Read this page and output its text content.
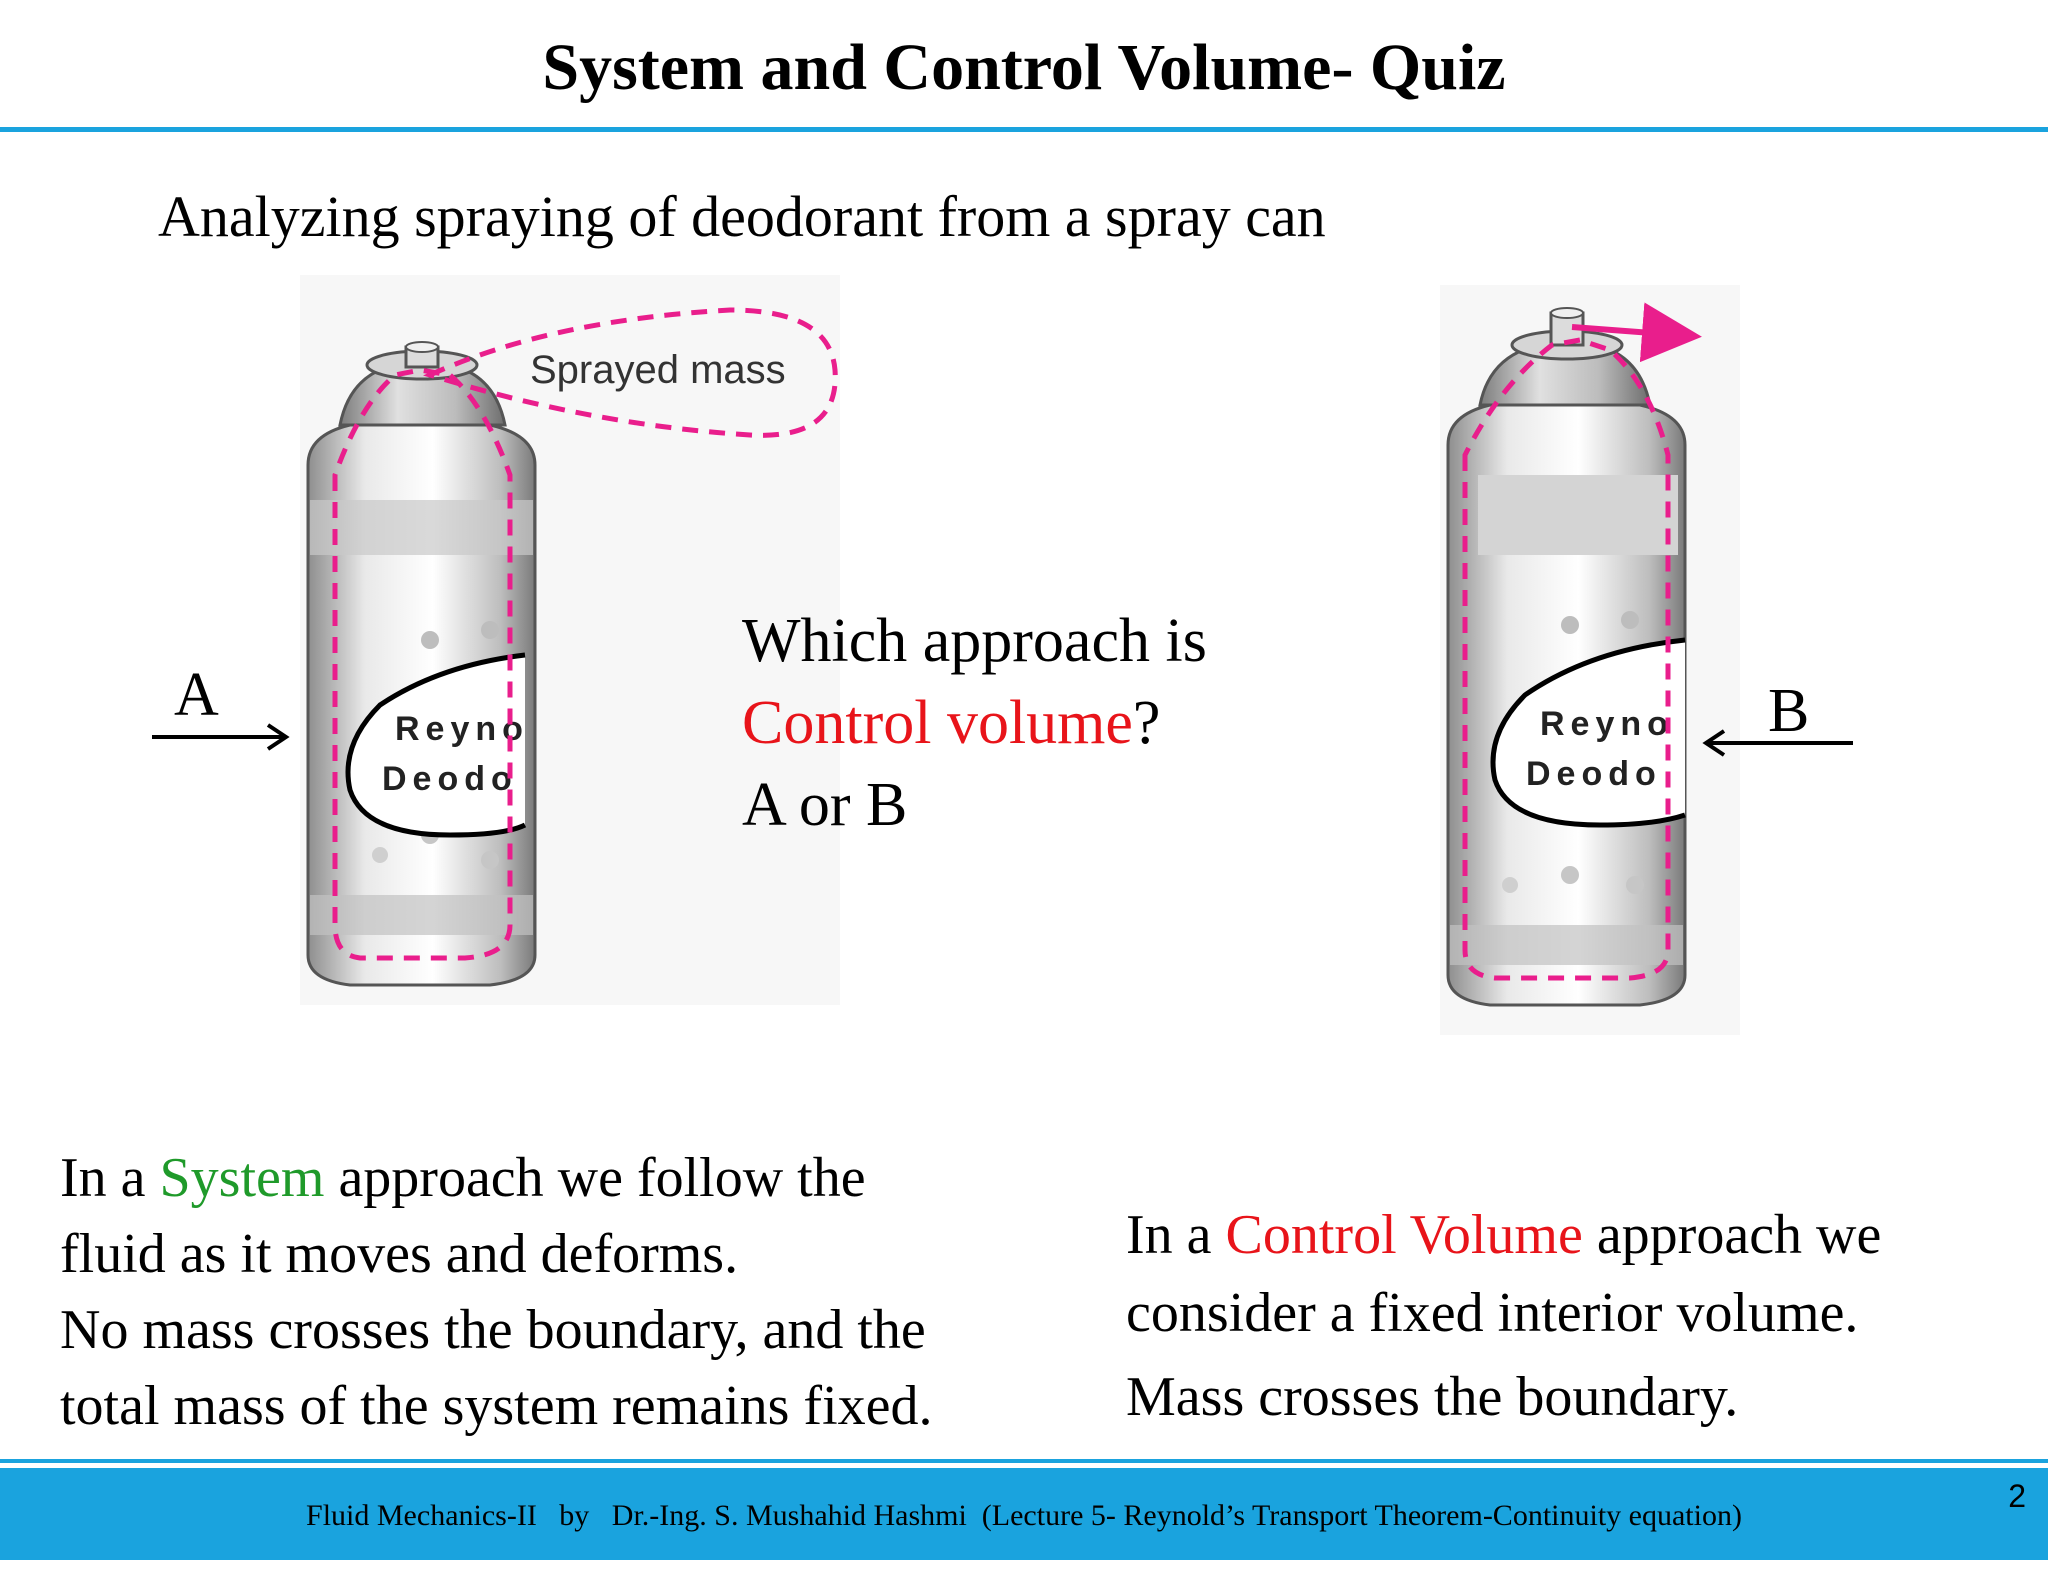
System and Control Volume- Quiz
Analyzing spraying of deodorant from a spray can
Reyno
Deodo
Sprayed mass
A	Reyno
Deodo
B
Which approach is
Control volume?
A or B
In a System approach we follow the
fluid as it moves and deforms.
No mass crosses the boundary, and the
total mass of the system remains fixed.
In a Control Volume approach we
consider a fixed interior volume.
Mass crosses the boundary.
Fluid Mechanics-II   by   Dr.-Ing. S. Mushahid Hashmi  (Lecture 5- Reynold’s Transport Theorem-Continuity equation)
2
